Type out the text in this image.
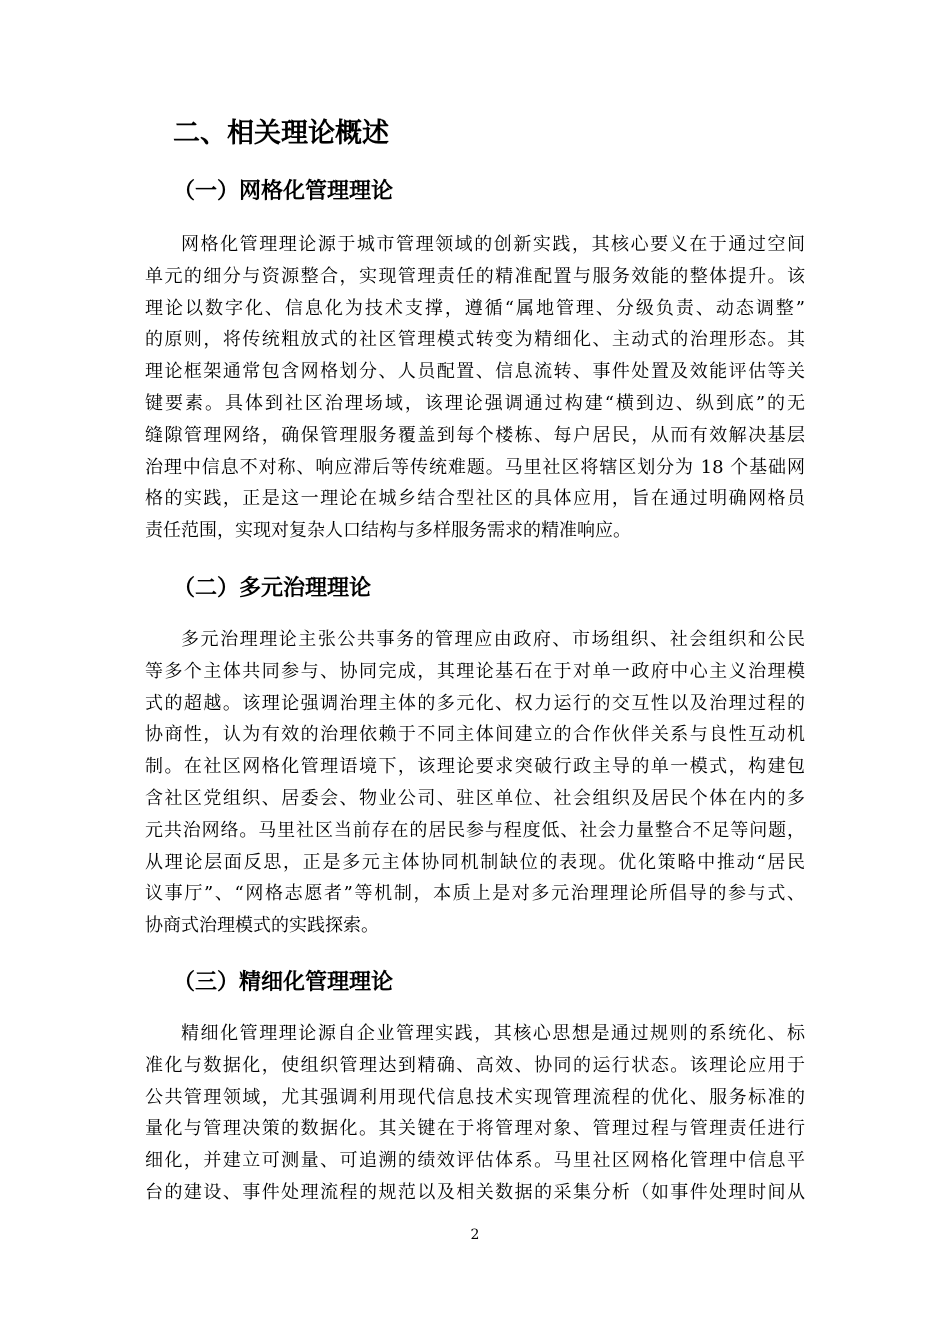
二、相关理论概述
（一）网格化管理理论
网格化管理理论源于城市管理领域的创新实践，其核心要义在于通过空间
单元的细分与资源整合，实现管理责任的精准配置与服务效能的整体提升。该
理论以数字化、信息化为技术支撑，遵循“属地管理、分级负责、动态调整”
的原则，将传统粗放式的社区管理模式转变为精细化、主动式的治理形态。其
理论框架通常包含网格划分、人员配置、信息流转、事件处置及效能评估等关
键要素。具体到社区治理场域，该理论强调通过构建“横到边、纵到底”的无
缝隙管理网络，确保管理服务覆盖到每个楼栋、每户居民，从而有效解决基层
治理中信息不对称、响应滞后等传统难题。马里社区将辖区划分为 18 个基础网
格的实践，正是这一理论在城乡结合型社区的具体应用，旨在通过明确网格员
责任范围，实现对复杂人口结构与多样服务需求的精准响应。
（二）多元治理理论
多元治理理论主张公共事务的管理应由政府、市场组织、社会组织和公民
等多个主体共同参与、协同完成，其理论基石在于对单一政府中心主义治理模
式的超越。该理论强调治理主体的多元化、权力运行的交互性以及治理过程的
协商性，认为有效的治理依赖于不同主体间建立的合作伙伴关系与良性互动机
制。在社区网格化管理语境下，该理论要求突破行政主导的单一模式，构建包
含社区党组织、居委会、物业公司、驻区单位、社会组织及居民个体在内的多
元共治网络。马里社区当前存在的居民参与程度低、社会力量整合不足等问题，
从理论层面反思，正是多元主体协同机制缺位的表现。优化策略中推动“居民
议事厅”、“网格志愿者”等机制，本质上是对多元治理理论所倡导的参与式、
协商式治理模式的实践探索。
（三）精细化管理理论
精细化管理理论源自企业管理实践，其核心思想是通过规则的系统化、标
准化与数据化，使组织管理达到精确、高效、协同的运行状态。该理论应用于
公共管理领域，尤其强调利用现代信息技术实现管理流程的优化、服务标准的
量化与管理决策的数据化。其关键在于将管理对象、管理过程与管理责任进行
细化，并建立可测量、可追溯的绩效评估体系。马里社区网格化管理中信息平
台的建设、事件处理流程的规范以及相关数据的采集分析（如事件处理时间从
2
